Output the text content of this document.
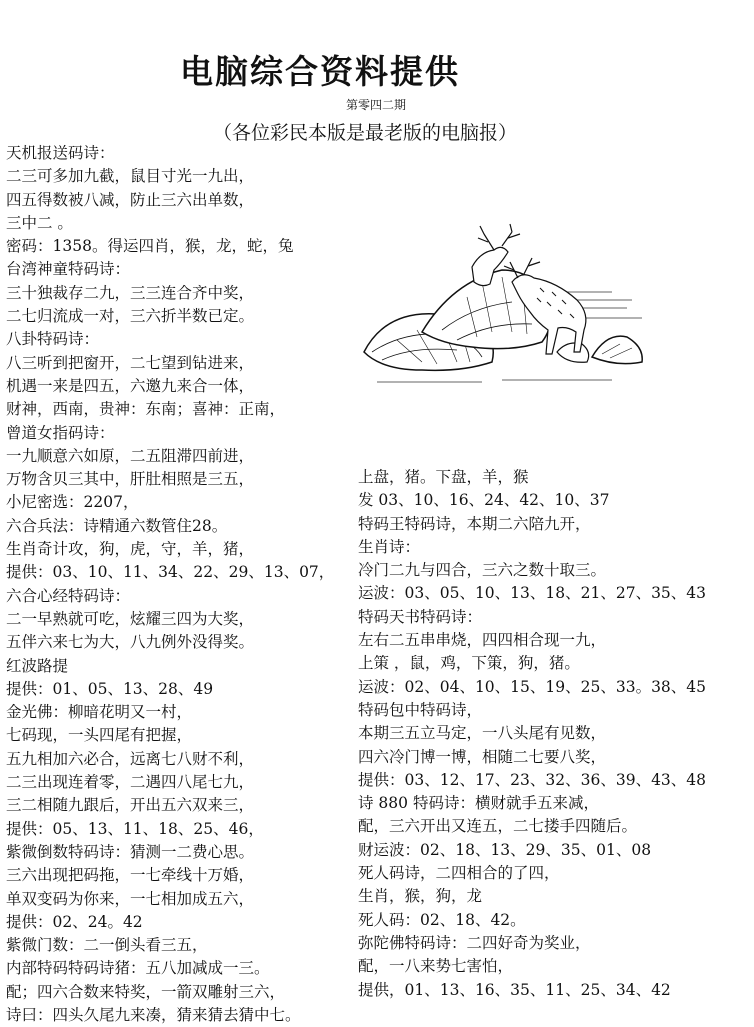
电脑综合资料提供
第零四二期
（各位彩民本版是最老版的电脑报）
天机报送码诗：
二三可多加九截，鼠目寸光一九出，
四五得数被八减，防止三六出单数，
三中二 。
密码：1358。得运四肖，猴，龙，蛇，兔
台湾神童特码诗：
三十独裁存二九，三三连合齐中奖，
二七归流成一对，三六折半数已定。
八卦特码诗：
八三听到把窗开，二七望到钻进来，
机遇一来是四五，六邀九来合一体，
财神，西南，贵神：东南；喜神：正南，
曾道女指码诗：
一九顺意六如原，二五阻滞四前进，
万物含贝三其中，肝肚相照是三五，
小尼密选：2207，
六合兵法：诗精通六数管住28。
生肖奇计攻，狗，虎，守，羊，猪，
提供：03、10、11、34、22、29、13、07，
六合心经特码诗：
二一早熟就可吃，炫耀三四为大奖，
五伴六来七为大，八九例外没得奖。
红波路提
提供：01、05、13、28、49
金光佛：柳暗花明又一村，
七码现，一头四尾有把握，
五九相加六必合，远离七八财不利，
二三出现连着零，二遇四八尾七九，
三二相随九跟后，开出五六双来三，
提供：05、13、11、18、25、46，
紫微倒数特码诗：猜测一二费心思。
三六出现把码拖，一七牵线十万婚，
单双变码为你来，一七相加成五六，
提供：02、24。42
紫微门数：二一倒头看三五，
内部特码特码诗猪：五八加减成一三。
配；四六合数来特奖，一箭双雕射三六，
诗曰：四头久尾九来凑，猜来猜去猜中七。
上盘，猪。下盘，羊，猴
发 03、10、16、24、42、10、37
特码王特码诗，本期二六陪九开，
生肖诗：
冷门二九与四合，三六之数十取三。
运波：03、05、10、13、18、21、27、35、43
特码天书特码诗：
左右二五串串烧，四四相合现一九，
上策 ，鼠，鸡，下策，狗，猪。
运波：02、04、10、15、19、25、33。38、45
特码包中特码诗，
本期三五立马定，一八头尾有见数，
四六冷门博一博，相随二七要八奖，
提供：03、12、17、23、32、36、39、43、48
诗 880 特码诗：横财就手五来减，
配，三六开出又连五，二七搂手四随后。
财运波：02、18、13、29、35、01、08
死人码诗，二四相合的了四，
生肖，猴，狗，龙
死人码：02、18、42。
弥陀佛特码诗：二四好奇为奖业，
配，一八来势七害怕，
提供，01、13、16、35、11、25、34、42
